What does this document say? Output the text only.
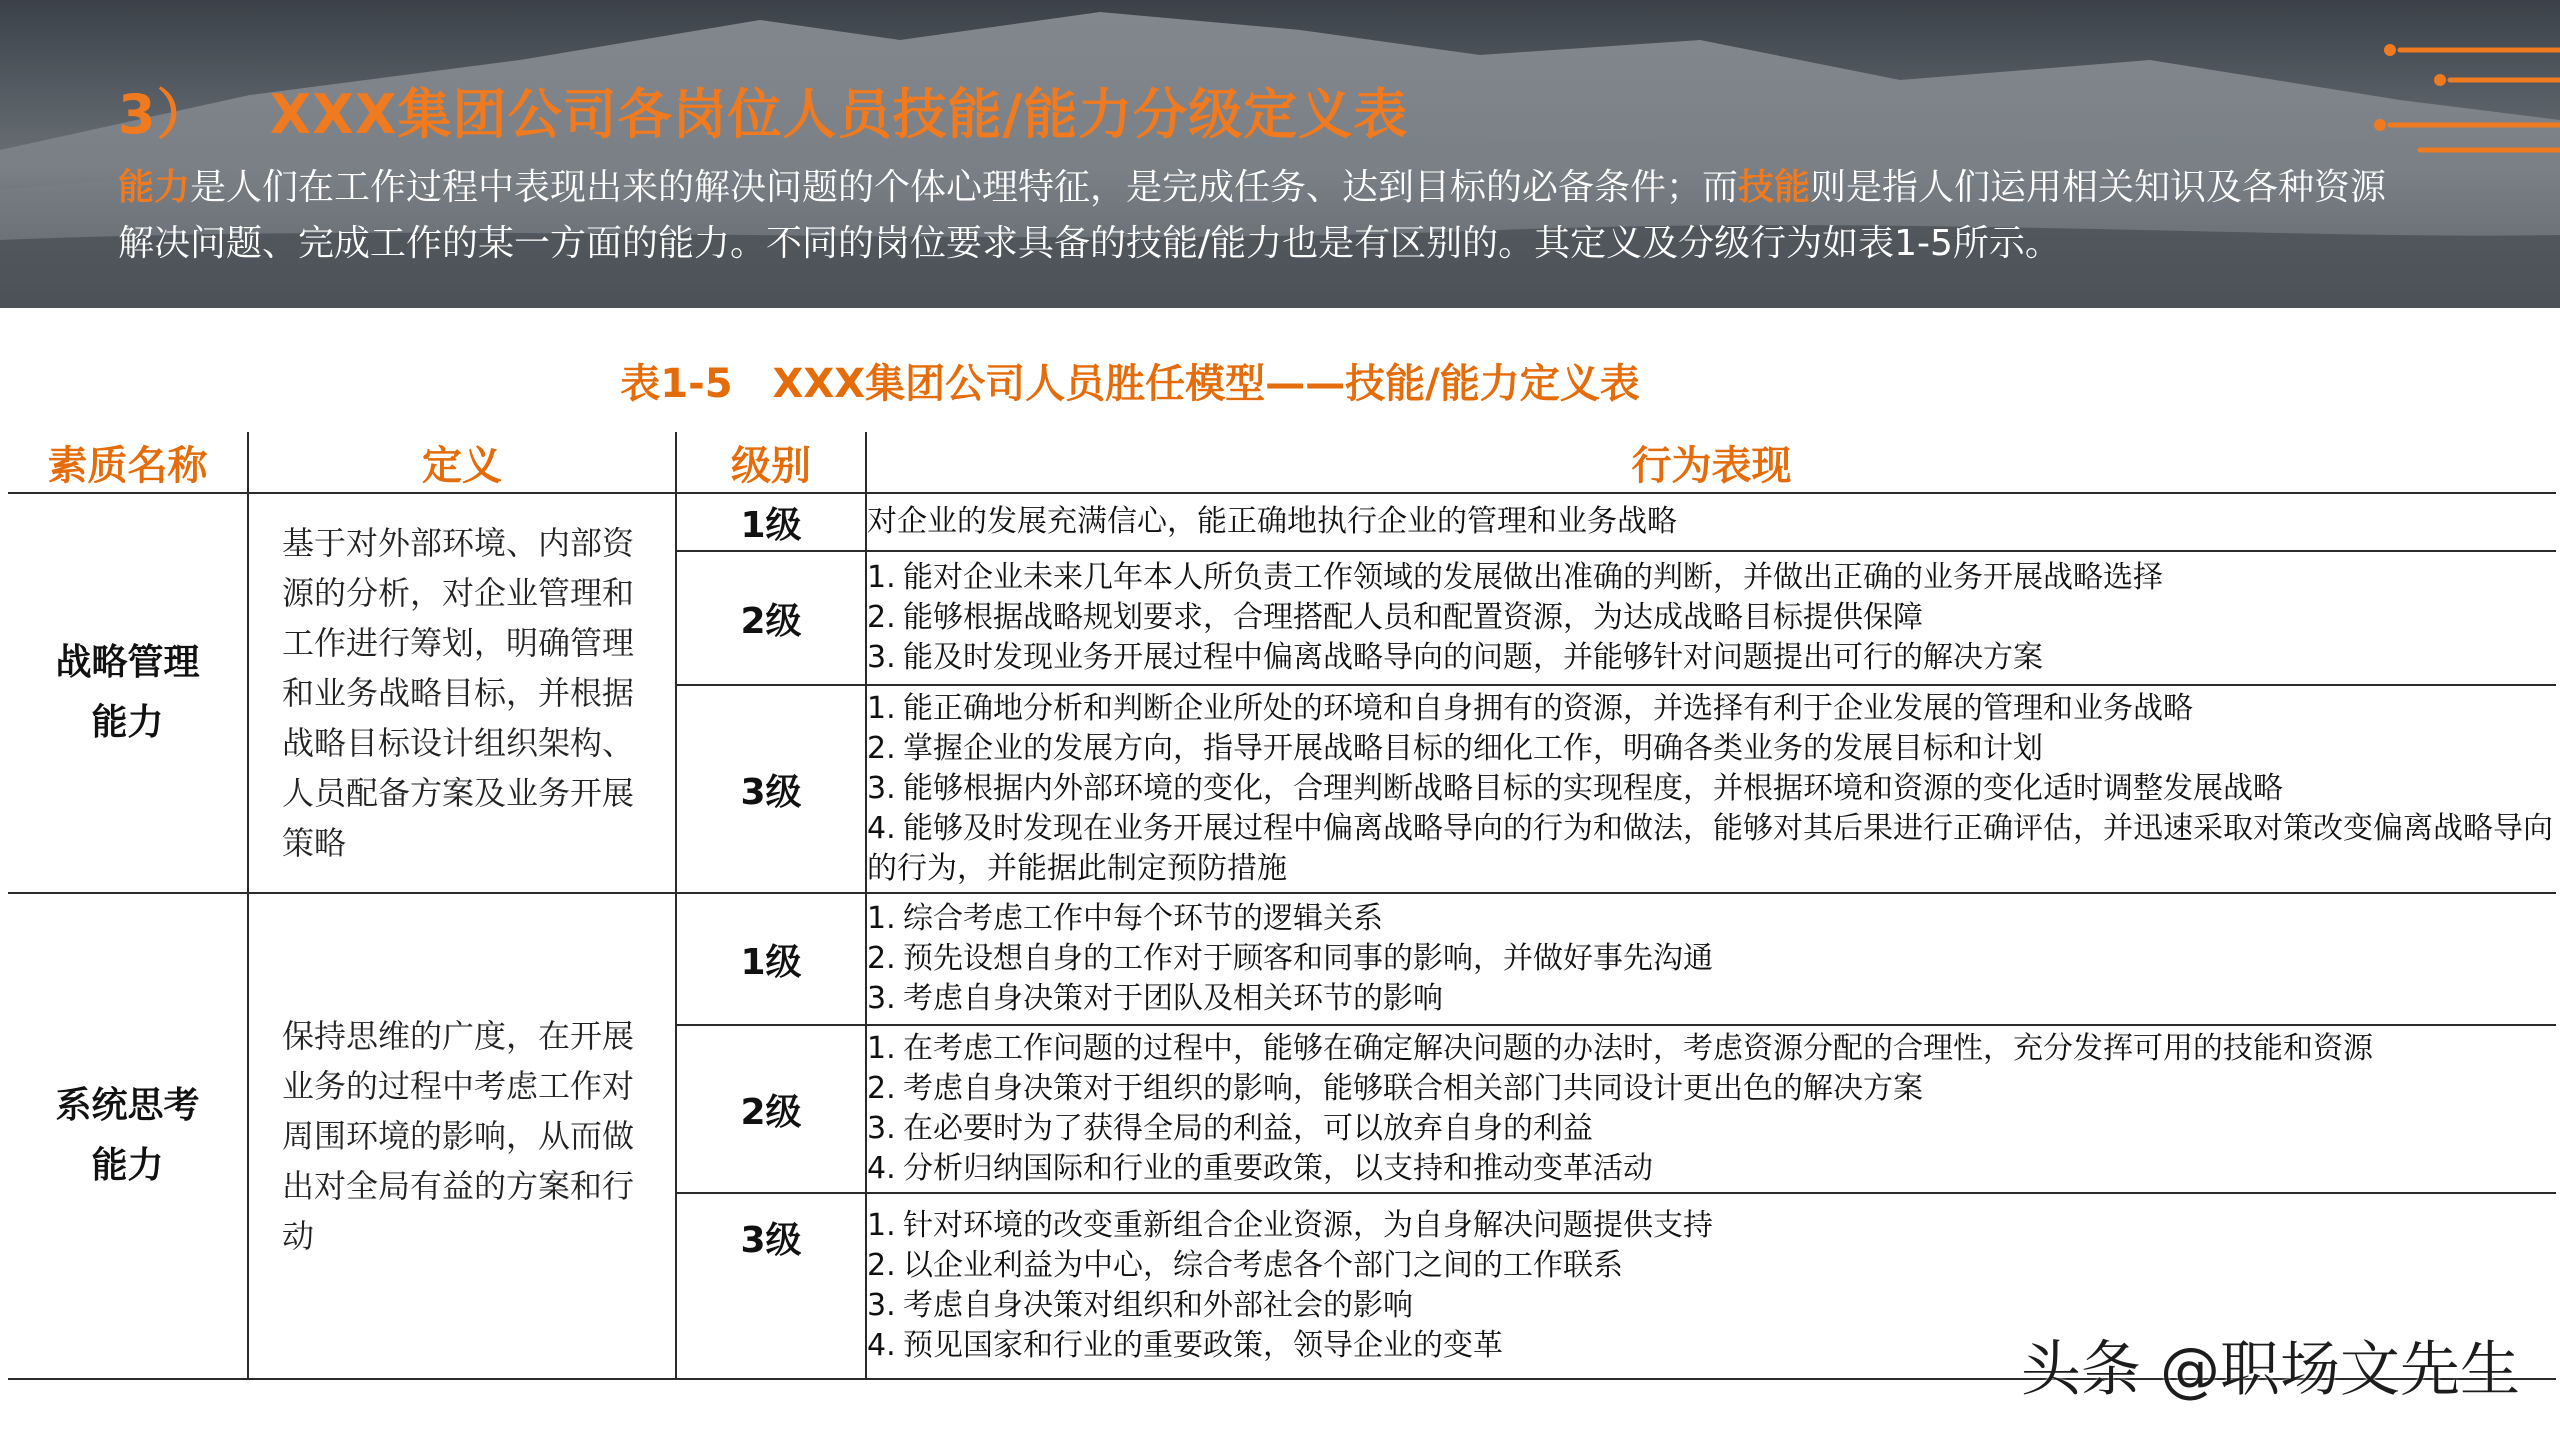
3） XXX集团公司各岗位人员技能/能力分级定义表
能力是人们在工作过程中表现出来的解决问题的个体心理特征，是完成任务、达到目标的必备条件；而技能则是指人们运用相关知识及各种资源解决问题、完成工作的某一方面的能力。不同的岗位要求具备的技能/能力也是有区别的。其定义及分级行为如表1-5所示。
表1-5　XXX集团公司人员胜任模型——技能/能力定义表
素质名称	定义	级别	行为表现

战略管理能力	基于对外部环境、内部资源的分析，对企业管理和工作进行筹划，明确管理和业务战略目标，并根据战略目标设计组织架构、人员配备方案及业务开展策略	1级	对企业的发展充满信心，能正确地执行企业的管理和业务战略

		2级	1. 能对企业未来几年本人所负责工作领域的发展做出准确的判断，并做出正确的业务开展战略选择
2. 能够根据战略规划要求，合理搭配人员和配置资源，为达成战略目标提供保障
3. 能及时发现业务开展过程中偏离战略导向的问题，并能够针对问题提出可行的解决方案

		3级	1. 能正确地分析和判断企业所处的环境和自身拥有的资源，并选择有利于企业发展的管理和业务战略
2. 掌握企业的发展方向，指导开展战略目标的细化工作，明确各类业务的发展目标和计划
3. 能够根据内外部环境的变化，合理判断战略目标的实现程度，并根据环境和资源的变化适时调整发展战略
4. 能够及时发现在业务开展过程中偏离战略导向的行为和做法，能够对其后果进行正确评估，并迅速采取对策改变偏离战略导向的行为，并能据此制定预防措施

系统思考能力	保持思维的广度，在开展业务的过程中考虑工作对周围环境的影响，从而做出对全局有益的方案和行动	1级	1. 综合考虑工作中每个环节的逻辑关系
2. 预先设想自身的工作对于顾客和同事的影响，并做好事先沟通
3. 考虑自身决策对于团队及相关环节的影响

		2级	1. 在考虑工作问题的过程中，能够在确定解决问题的办法时，考虑资源分配的合理性，充分发挥可用的技能和资源
2. 考虑自身决策对于组织的影响，能够联合相关部门共同设计更出色的解决方案
3. 在必要时为了获得全局的利益，可以放弃自身的利益
4. 分析归纳国际和行业的重要政策，以支持和推动变革活动

		3级	1. 针对环境的改变重新组合企业资源，为自身解决问题提供支持
2. 以企业利益为中心，综合考虑各个部门之间的工作联系
3. 考虑自身决策对组织和外部社会的影响
4. 预见国家和行业的重要政策，领导企业的变革	头条 @职场文先生
